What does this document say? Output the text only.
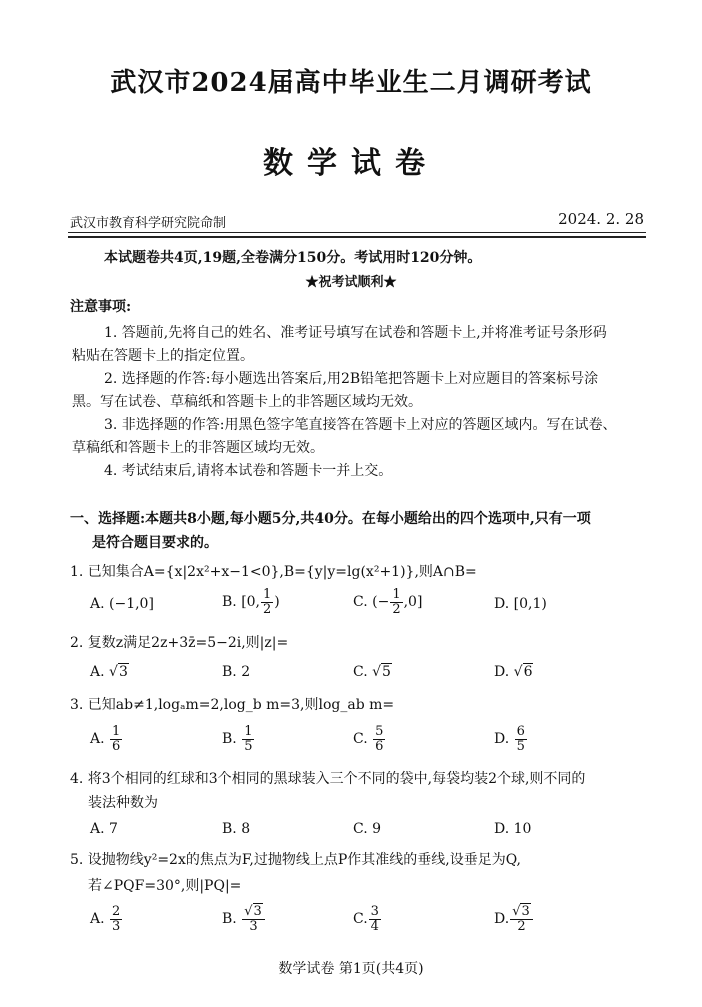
武汉市2024届高中毕业生二月调研考试
数学试卷
武汉市教育科学研究院命制	2024. 2. 28
本试题卷共4页,19题,全卷满分150分。考试用时120分钟。
★祝考试顺利★
注意事项:
1. 答题前,先将自己的姓名、准考证号填写在试卷和答题卡上,并将准考证号条形码
粘贴在答题卡上的指定位置。
2. 选择题的作答:每小题选出答案后,用2B铅笔把答题卡上对应题目的答案标号涂
黑。写在试卷、草稿纸和答题卡上的非答题区域均无效。
3. 非选择题的作答:用黑色签字笔直接答在答题卡上对应的答题区域内。写在试卷、
草稿纸和答题卡上的非答题区域均无效。
4. 考试结束后,请将本试卷和答题卡一并上交。
一、选择题:本题共8小题,每小题5分,共40分。在每小题给出的四个选项中,只有一项
是符合题目要求的。
1. 已知集合A={x|2x²+x−1<0},B={y|y=lg(x²+1)},则A∩B=
A. (−1,0]	B. [0, $\frac{1}{2}$ )	C. (− $\frac{1}{2} ,0$]	D. [0,1)
2. 复数z满足2z+3z̄=5−2i,则|z|=
A. √3	B. 2	C. √5	D. √6
3. 已知ab≠1,logₐm=2,log_b m=3,则log_ab m=
A. $\frac{1}{6}$	B. $\frac{1}{5}$	C. $\frac{5}{6}$	D. $\frac{6}{5}$
4. 将3个相同的红球和3个相同的黑球装入三个不同的袋中,每袋均装2个球,则不同的
装法种数为
A. 7	B. 8	C. 9	D. 10
5. 设抛物线y²=2x的焦点为F,过抛物线上点P作其准线的垂线,设垂足为Q,
若∠PQF=30°,则|PQ|=
A. $\frac{2}{3}$	B. $\frac{√3}{3}$	C. $\frac{3}{4}$	D. $\frac{√3}{2}$
数学试卷 第1页(共4页)
